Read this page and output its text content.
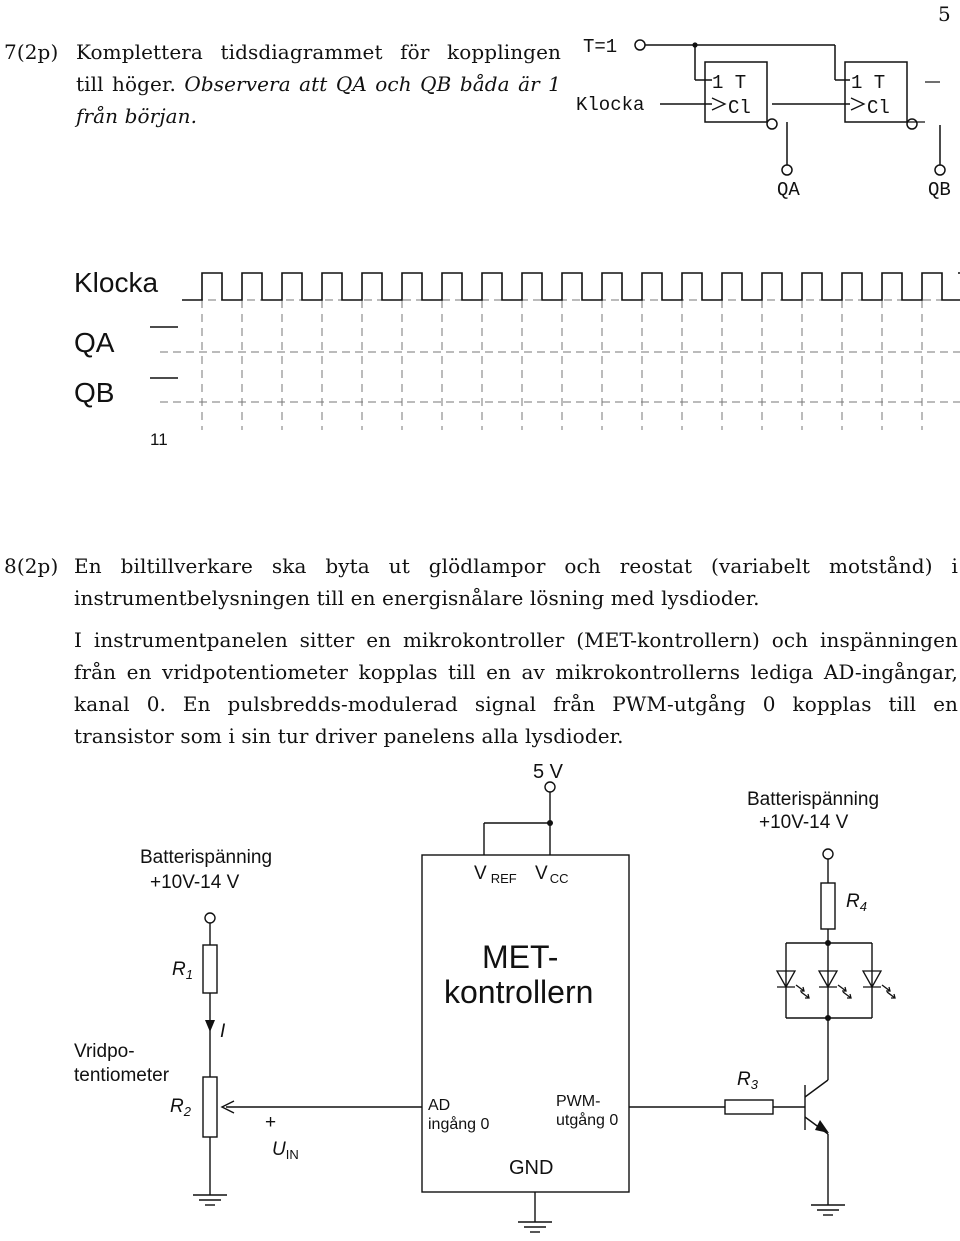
5
7(2p) Komplettera tidsdiagrammet för kopplingen
till höger. Observera att QA och QB båda är 1
från början.
T=1
Klocka
1 T
Cl
QA
1 T
Cl
QB
Klocka
QA
QB
11
8(2p) En biltillverkare ska byta ut glödlampor och reostat (variabelt motstånd) i
instrumentbelysningen till en energisnålare lösning med lysdioder.
I instrumentpanelen sitter en mikrokontroller (MET-kontrollern) och inspänningen
från en vridpotentiometer kopplas till en av mikrokontrollerns lediga AD-ingångar,
kanal 0. En pulsbredds-modulerad signal från PWM-utgång 0 kopplas till en
transistor som i sin tur driver panelens alla lysdioder.
5 V
Batterispänning
+10V-14 V
Batterispänning
+10V-14 V
$R_1$
$R_2$
$R_3$
$R_4$
I
Vridpo-
tentiometer
+
$U_{IN}$
V $_{REF}$ V $_{CC}$
MET-
kontrollern
AD
ingång 0
PWM-
utgång 0
GND
